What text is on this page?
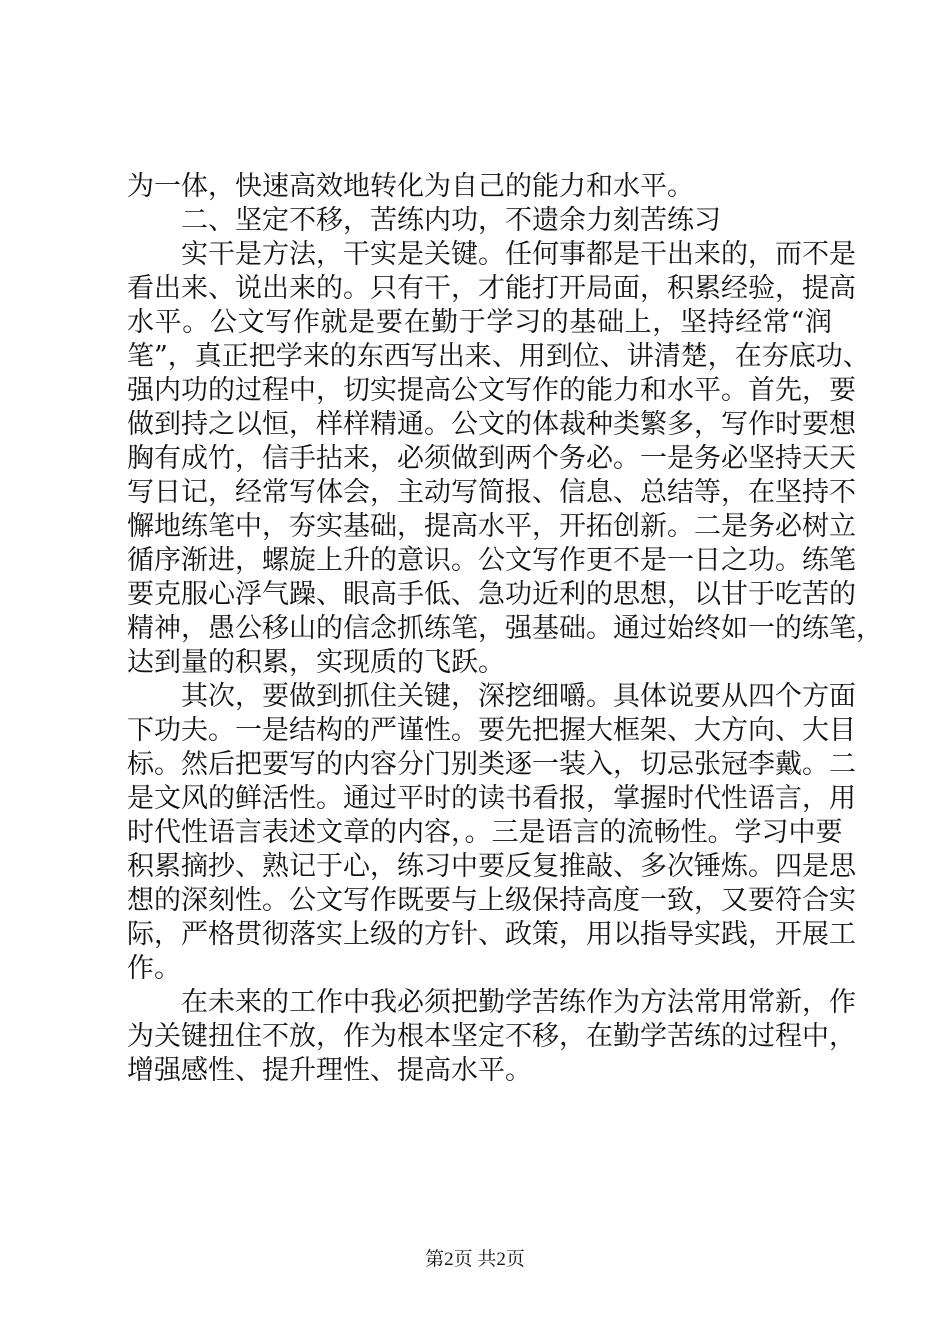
为一体，快速高效地转化为自己的能力和水平。
二、坚定不移，苦练内功，不遗余力刻苦练习
实干是方法，干实是关键。任何事都是干出来的，而不是
看出来、说出来的。只有干，才能打开局面，积累经验，提高
水平。公文写作就是要在勤于学习的基础上，坚持经常“润
笔”，真正把学来的东西写出来、用到位、讲清楚，在夯底功、
强内功的过程中，切实提高公文写作的能力和水平。首先，要
做到持之以恒，样样精通。公文的体裁种类繁多，写作时要想
胸有成竹，信手拈来，必须做到两个务必。一是务必坚持天天
写日记，经常写体会，主动写简报、信息、总结等，在坚持不
懈地练笔中，夯实基础，提高水平，开拓创新。二是务必树立
循序渐进，螺旋上升的意识。公文写作更不是一日之功。练笔
要克服心浮气躁、眼高手低、急功近利的思想，以甘于吃苦的
精神，愚公移山的信念抓练笔，强基础。通过始终如一的练笔，
达到量的积累，实现质的飞跃。
其次，要做到抓住关键，深挖细嚼。具体说要从四个方面
下功夫。一是结构的严谨性。要先把握大框架、大方向、大目
标。然后把要写的内容分门别类逐一装入，切忌张冠李戴。二
是文风的鲜活性。通过平时的读书看报，掌握时代性语言，用
时代性语言表述文章的内容，。三是语言的流畅性。学习中要
积累摘抄、熟记于心，练习中要反复推敲、多次锤炼。四是思
想的深刻性。公文写作既要与上级保持高度一致，又要符合实
际，严格贯彻落实上级的方针、政策，用以指导实践，开展工
作。
在未来的工作中我必须把勤学苦练作为方法常用常新，作
为关键扭住不放，作为根本坚定不移，在勤学苦练的过程中，
增强感性、提升理性、提高水平。
第2页 共2页
